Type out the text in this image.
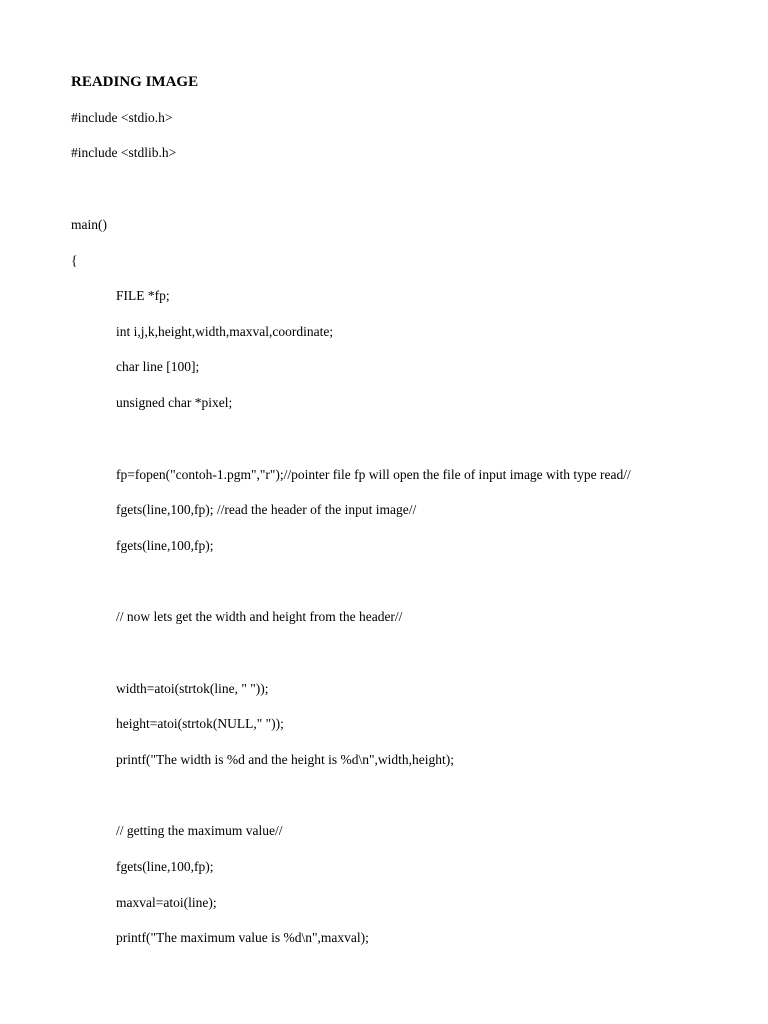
READING IMAGE

#include <stdio.h>

#include <stdlib.h>

main()

{

FILE *fp;

int i,j,k,height,width,maxval,coordinate;

char line [100];

unsigned char *pixel;

fp=fopen("contoh-1.pgm","r");//pointer file fp will open the file of input image with type read//

fgets(line,100,fp); //read the header of the input image//

fgets(line,100,fp);

// now lets get the width and height from the header//

width=atoi(strtok(line, " "));

height=atoi(strtok(NULL," "));

printf("The width is %d and the height is %d\n",width,height);

// getting the maximum value//

fgets(line,100,fp);

maxval=atoi(line);

printf("The maximum value is %d\n",maxval);
